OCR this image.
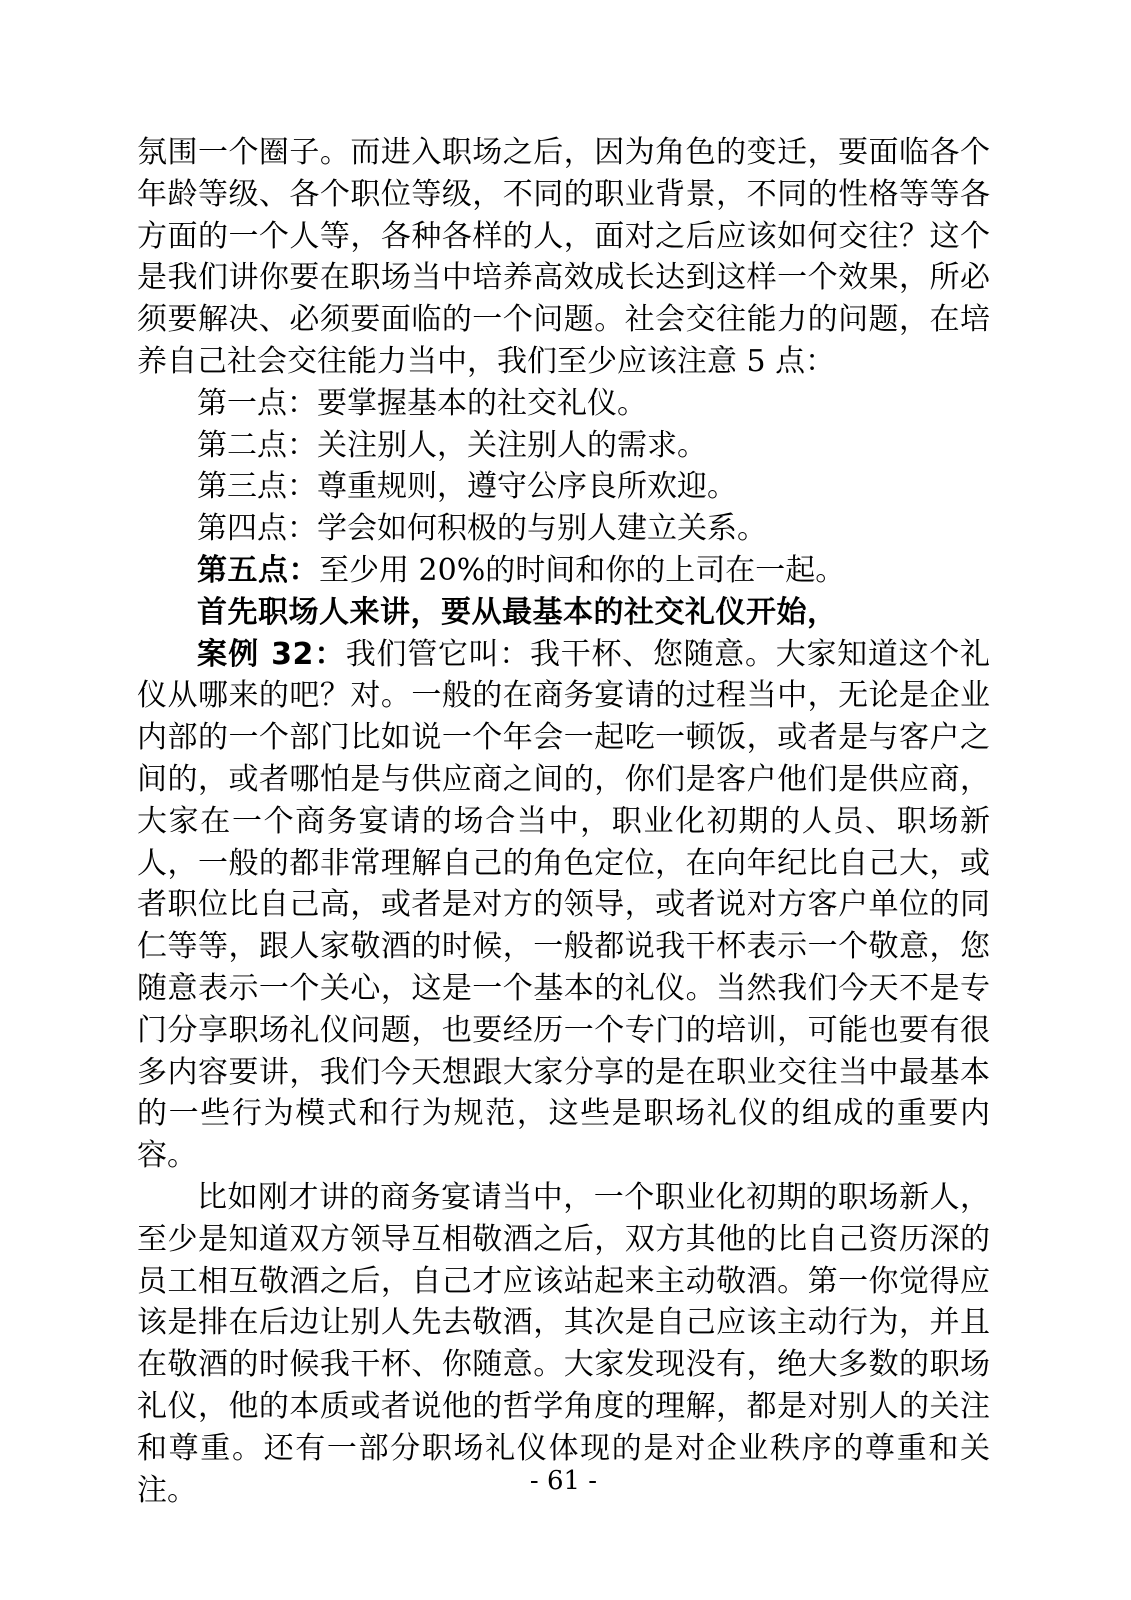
氛围一个圈子。而进入职场之后，因为角色的变迁，要面临各个年龄等级、各个职位等级，不同的职业背景，不同的性格等等各方面的一个人等，各种各样的人，面对之后应该如何交往？这个是我们讲你要在职场当中培养高效成长达到这样一个效果，所必须要解决、必须要面临的一个问题。社会交往能力的问题，在培养自己社会交往能力当中，我们至少应该注意 5 点：

第一点：要掌握基本的社交礼仪。

第二点：关注别人，关注别人的需求。

第三点：尊重规则，遵守公序良所欢迎。

第四点：学会如何积极的与别人建立关系。

第五点：至少用 20%的时间和你的上司在一起。

首先职场人来讲，要从最基本的社交礼仪开始，

案例 32：我们管它叫：我干杯、您随意。大家知道这个礼仪从哪来的吧？对。一般的在商务宴请的过程当中，无论是企业内部的一个部门比如说一个年会一起吃一顿饭，或者是与客户之间的，或者哪怕是与供应商之间的，你们是客户他们是供应商，大家在一个商务宴请的场合当中，职业化初期的人员、职场新人，一般的都非常理解自己的角色定位，在向年纪比自己大，或者职位比自己高，或者是对方的领导，或者说对方客户单位的同仁等等，跟人家敬酒的时候，一般都说我干杯表示一个敬意，您随意表示一个关心，这是一个基本的礼仪。当然我们今天不是专门分享职场礼仪问题，也要经历一个专门的培训，可能也要有很多内容要讲，我们今天想跟大家分享的是在职业交往当中最基本的一些行为模式和行为规范，这些是职场礼仪的组成的重要内容。

比如刚才讲的商务宴请当中，一个职业化初期的职场新人，至少是知道双方领导互相敬酒之后，双方其他的比自己资历深的员工相互敬酒之后，自己才应该站起来主动敬酒。第一你觉得应该是排在后边让别人先去敬酒，其次是自己应该主动行为，并且在敬酒的时候我干杯、你随意。大家发现没有，绝大多数的职场礼仪，他的本质或者说他的哲学角度的理解，都是对别人的关注和尊重。还有一部分职场礼仪体现的是对企业秩序的尊重和关注。	- 61 -
